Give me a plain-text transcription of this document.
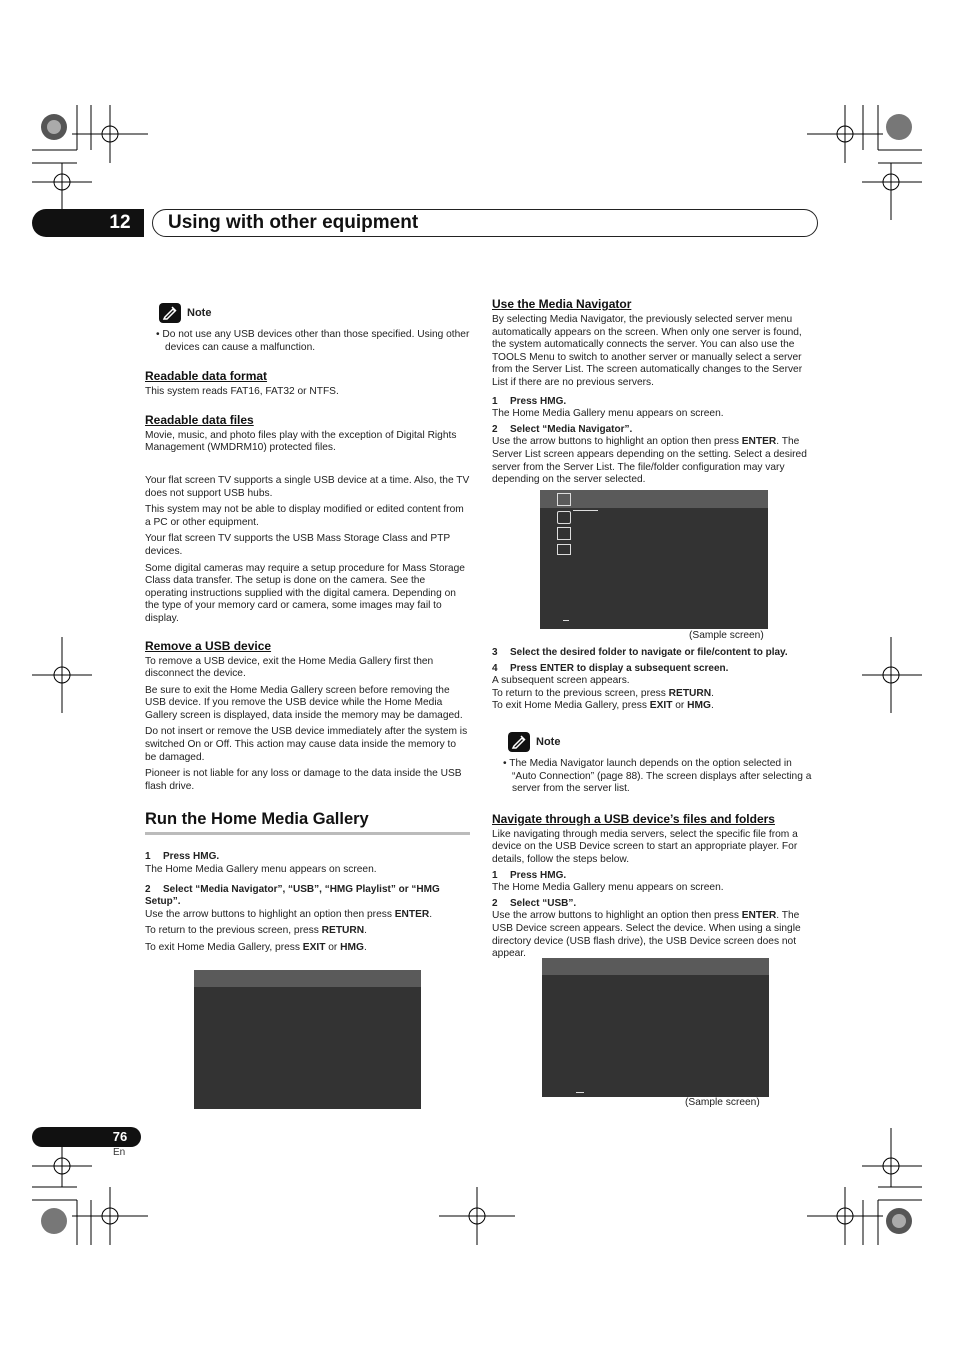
12	Using with other equipment
Note

• Do not use any USB devices other than those specified. Using other devices can cause a malfunction.

Readable data format

This system reads FAT16, FAT32 or NTFS.

Readable data files

Movie, music, and photo files play with the exception of Digital Rights Management (WMDRM10) protected files.

Your flat screen TV supports a single USB device at a time. Also, the TV does not support USB hubs.

This system may not be able to display modified or edited content from a PC or other equipment.

Your flat screen TV supports the USB Mass Storage Class and PTP devices.

Some digital cameras may require a setup procedure for Mass Storage Class data transfer. The setup is done on the camera. See the operating instructions supplied with the digital camera. Depending on the type of your memory card or camera, some images may fail to display.

Remove a USB device

To remove a USB device, exit the Home Media Gallery first then disconnect the device.

Be sure to exit the Home Media Gallery screen before removing the USB device. If you remove the USB device while the Home Media Gallery screen is displayed, data inside the memory may be damaged.

Do not insert or remove the USB device immediately after the system is switched On or Off. This action may cause data inside the memory to be damaged.

Pioneer is not liable for any loss or damage to the data inside the USB flash drive.

Run the Home Media Gallery

1 Press HMG.

The Home Media Gallery menu appears on screen.

2 Select “Media Navigator”, “USB”, “HMG Playlist” or “HMG Setup”.

Use the arrow buttons to highlight an option then press ENTER.

To return to the previous screen, press RETURN.

To exit Home Media Gallery, press EXIT or HMG.

Use the Media Navigator

By selecting Media Navigator, the previously selected server menu automatically appears on the screen. When only one server is found, the system automatically connects the server. You can also use the TOOLS Menu to switch to another server or manually select a server from the Server List. The screen automatically changes to the Server List if there are no previous servers.

1 Press HMG.

The Home Media Gallery menu appears on screen.

2 Select “Media Navigator”.

Use the arrow buttons to highlight an option then press ENTER. The Server List screen appears depending on the setting. Select a desired server from the Server List. The file/folder configuration may vary depending on the server selected.

(Sample screen)

3 Select the desired folder to navigate or file/content to play.

4 Press ENTER to display a subsequent screen.

A subsequent screen appears.

To return to the previous screen, press RETURN.

To exit Home Media Gallery, press EXIT or HMG.

Note

• The Media Navigator launch depends on the option selected in “Auto Connection” (page 88). The screen displays after selecting a server from the server list.

Navigate through a USB device’s files and folders

Like navigating through media servers, select the specific file from a device on the USB Device screen to start an appropriate player. For details, follow the steps below.

1 Press HMG.

The Home Media Gallery menu appears on screen.

2 Select “USB”.

Use the arrow buttons to highlight an option then press ENTER. The USB Device screen appears. Select the device. When using a single directory device (USB flash drive), the USB Device screen does not appear.

(Sample screen)
76
En
